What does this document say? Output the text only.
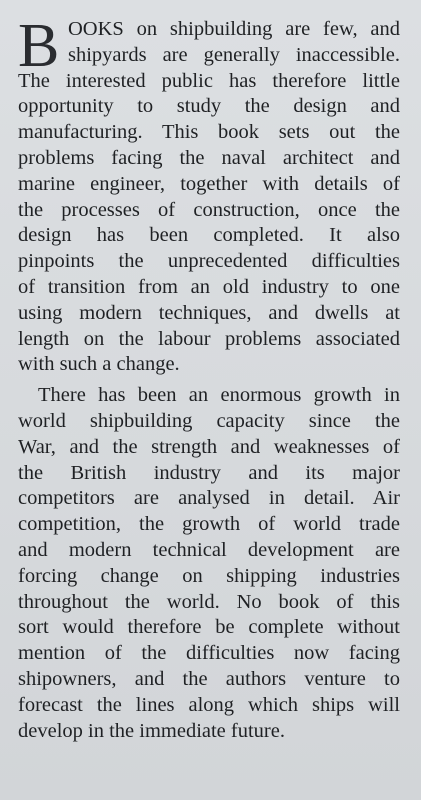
B OOKS on shipbuilding are few, and
shipyards are generally inaccessible.
The interested public has therefore little
opportunity to study the design and
manufacturing. This book sets out the
problems facing the naval architect and
marine engineer, together with details of
the processes of construction, once the
design has been completed. It also
pinpoints the unprecedented difficulties
of transition from an old industry to one
using modern techniques, and dwells at
length on the labour problems associated
with such a change.
There has been an enormous growth in
world shipbuilding capacity since the
War, and the strength and weaknesses of
the British industry and its major
competitors are analysed in detail. Air
competition, the growth of world trade
and modern technical development are
forcing change on shipping industries
throughout the world. No book of this
sort would therefore be complete without
mention of the difficulties now facing
shipowners, and the authors venture to
forecast the lines along which ships will
develop in the immediate future.
